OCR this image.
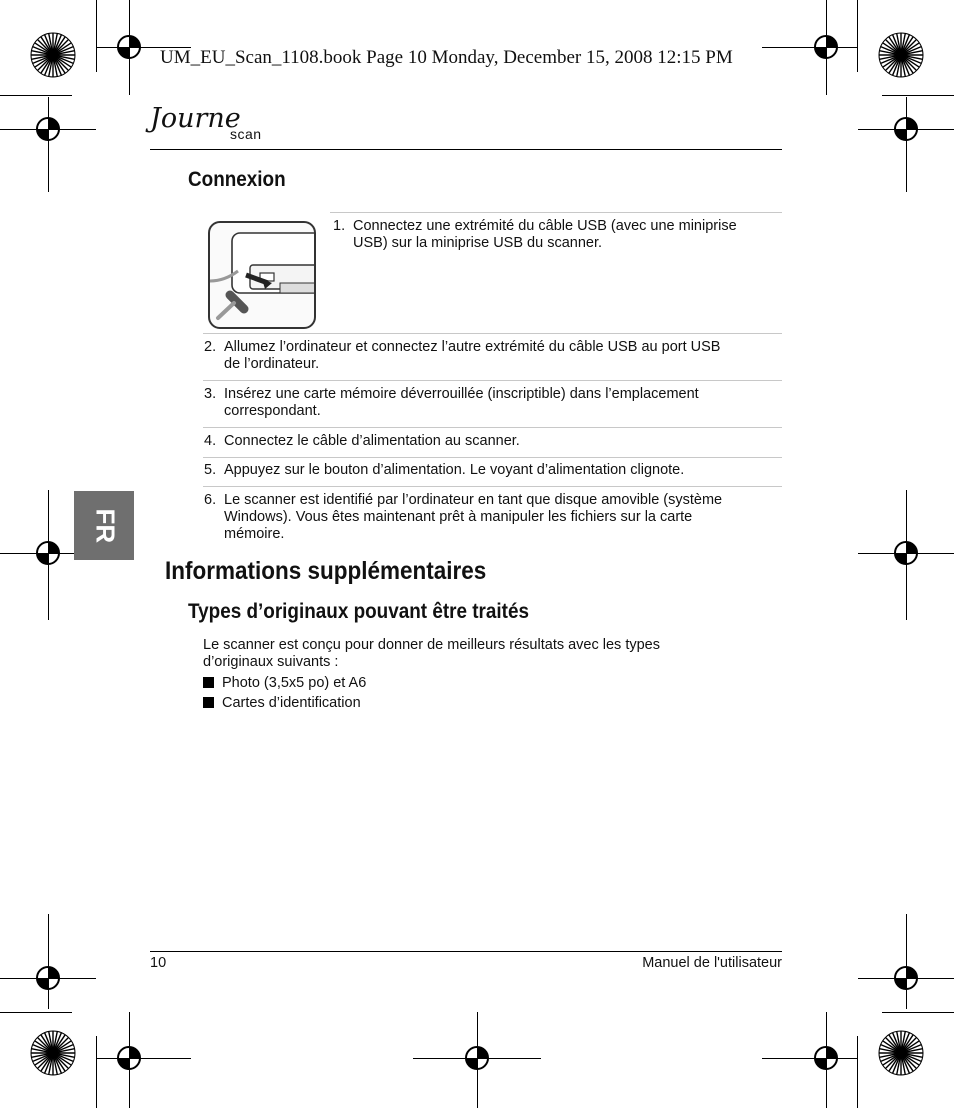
UM_EU_Scan_1108.book Page 10 Monday, December 15, 2008 12:15 PM
Journe
scan
Connexion
1. Connectez une extrémité du câble USB (avec une miniprise
USB) sur la miniprise USB du scanner.
2. Allumez l’ordinateur et connectez l’autre extrémité du câble USB au port USB
de l’ordinateur.
3. Insérez une carte mémoire déverrouillée (inscriptible) dans l’emplacement
correspondant.
4. Connectez le câble d’alimentation au scanner.
5. Appuyez sur le bouton d’alimentation. Le voyant d’alimentation clignote.
6. Le scanner est identifié par l’ordinateur en tant que disque amovible (système
Windows). Vous êtes maintenant prêt à manipuler les fichiers sur la carte
mémoire.
FR
Informations supplémentaires
Types d’originaux pouvant être traités
Le scanner est conçu pour donner de meilleurs résultats avec les types
d’originaux suivants :
Photo (3,5x5 po) et A6
Cartes d’identification
10	Manuel de l'utilisateur
